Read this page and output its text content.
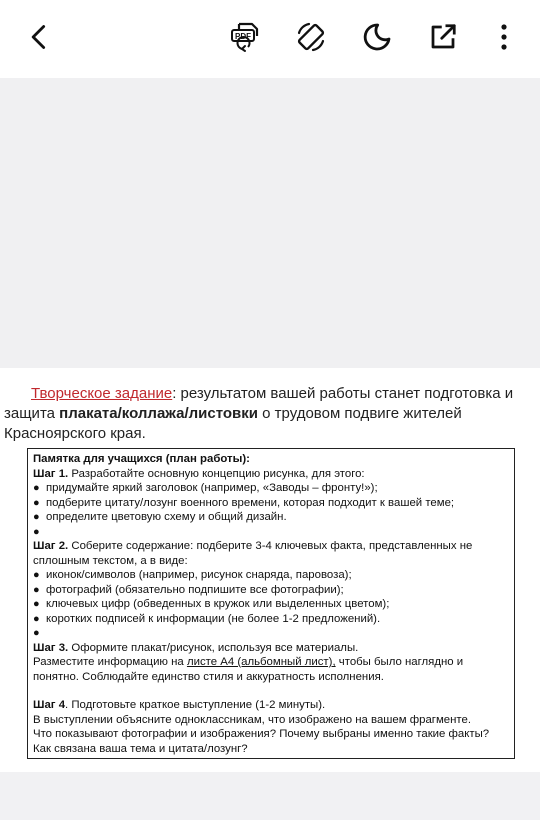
PDF
Творческое задание: результатом вашей работы станет подготовка и защита плаката/коллажа/листовки о трудовом подвиге жителей Красноярского края.
Памятка для учащихся (план работы):
Шаг 1. Разработайте основную концепцию рисунка, для этого:
● придумайте яркий заголовок (например, «Заводы – фронту!»);
● подберите цитату/лозунг военного времени, которая подходит к вашей теме;
● определите цветовую схему и общий дизайн.
●
Шаг 2. Соберите содержание: подберите 3-4 ключевых факта, представленных не сплошным текстом, а в виде:
● иконок/символов (например, рисунок снаряда, паровоза);
● фотографий (обязательно подпишите все фотографии);
● ключевых цифр (обведенных в кружок или выделенных цветом);
● коротких подписей к информации (не более 1-2 предложений).
●
Шаг 3. Оформите плакат/рисунок, используя все материалы.
Разместите информацию на листе А4 (альбомный лист), чтобы было наглядно и понятно. Соблюдайте единство стиля и аккуратность исполнения.
Шаг 4. Подготовьте краткое выступление (1-2 минуты).
В выступлении объясните одноклассникам, что изображено на вашем фрагменте.
Что показывают фотографии и изображения? Почему выбраны именно такие факты?
Как связана ваша тема и цитата/лозунг?
